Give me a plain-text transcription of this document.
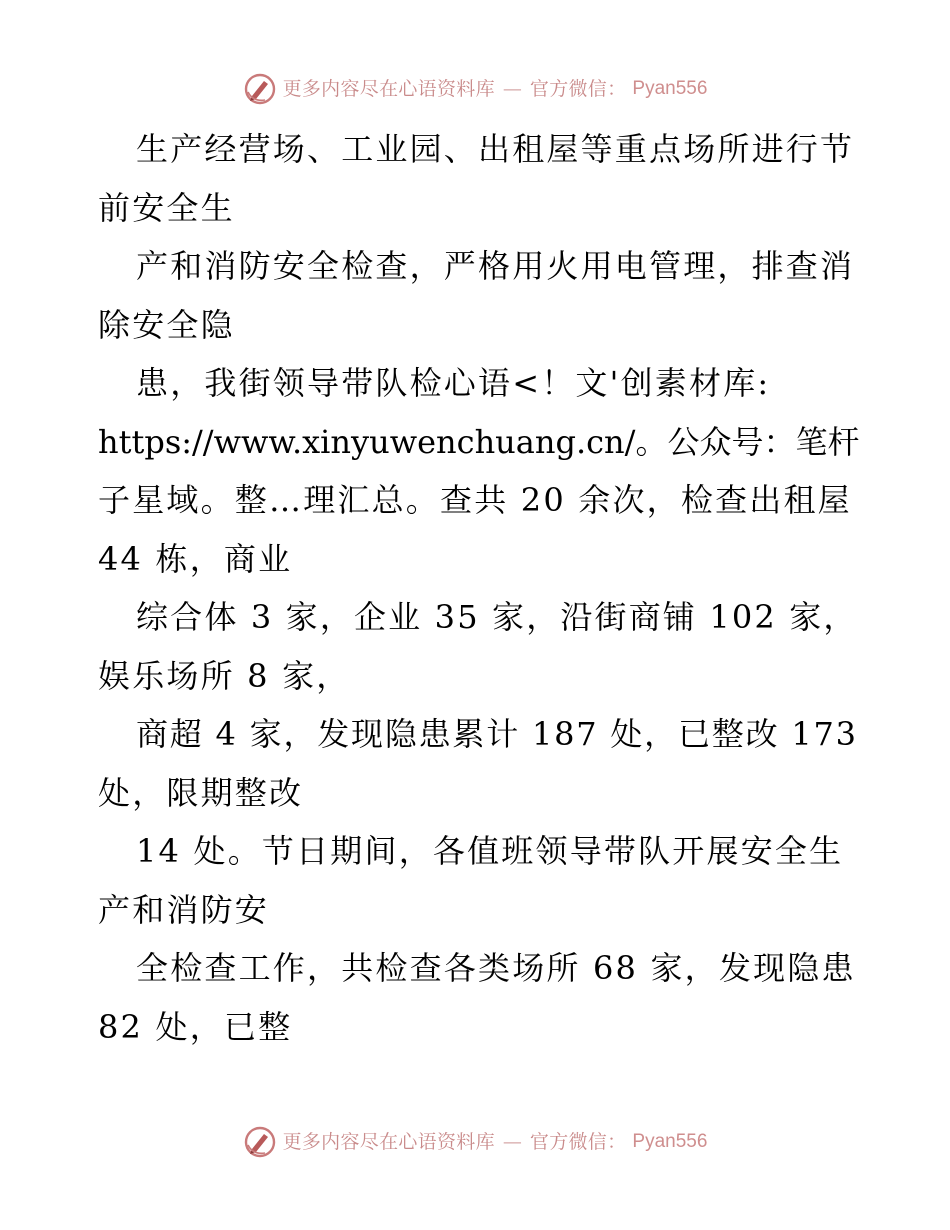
更多内容尽在心语资料库 — 官方微信： Pyan556
生产经营场、工业园、出租屋等重点场所进行节
前安全生
产和消防安全检查，严格用火用电管理，排查消
除安全隐
患，我街领导带队检心语<！文'创素材库:
https://www.xinyuwenchuang.cn/。公众号：笔杆
子星域。整…理汇总。查共 20 余次，检查出租屋
44 栋，商业
综合体 3 家，企业 35 家，沿街商铺 102 家，
娱乐场所 8 家，
商超 4 家，发现隐患累计 187 处，已整改 173
处，限期整改
14 处。节日期间，各值班领导带队开展安全生
产和消防安
全检查工作，共检查各类场所 68 家，发现隐患
82 处，已整
更多内容尽在心语资料库 — 官方微信： Pyan556
